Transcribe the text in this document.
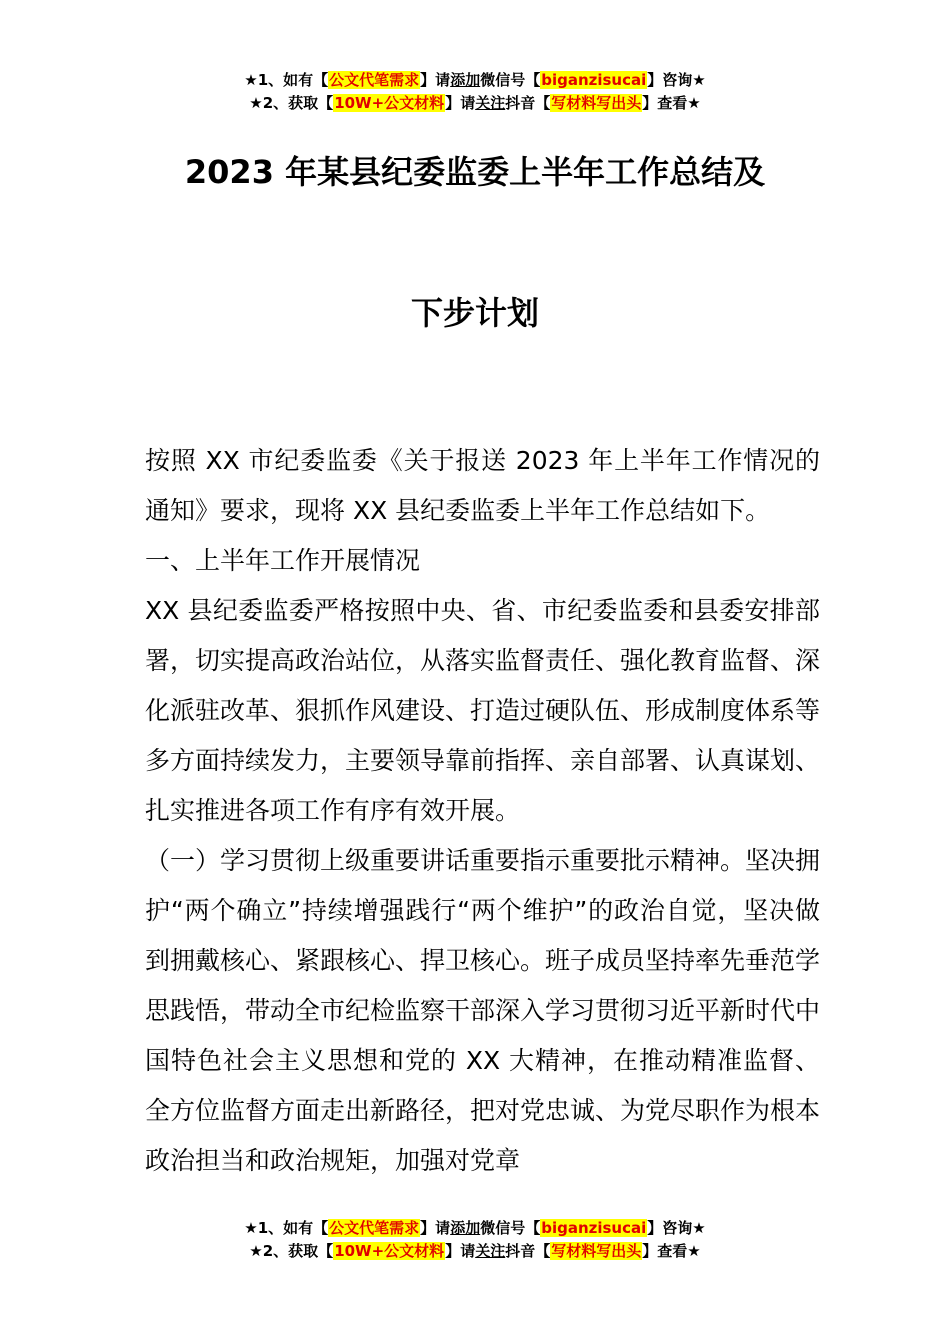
★1、如有【公文代笔需求】请添加微信号【biganzisucai】咨询★
★2、获取【10W+公文材料】请关注抖音【写材料写出头】查看★
2023 年某县纪委监委上半年工作总结及
下步计划

按照 XX 市纪委监委《关于报送 2023 年上半年工作情况的通知》要求，现将 XX 县纪委监委上半年工作总结如下。

一、上半年工作开展情况

XX 县纪委监委严格按照中央、省、市纪委监委和县委安排部署，切实提高政治站位，从落实监督责任、强化教育监督、深化派驻改革、狠抓作风建设、打造过硬队伍、形成制度体系等多方面持续发力，主要领导靠前指挥、亲自部署、认真谋划、扎实推进各项工作有序有效开展。

（一）学习贯彻上级重要讲话重要指示重要批示精神。坚决拥护“两个确立”持续增强践行“两个维护”的政治自觉，坚决做到拥戴核心、紧跟核心、捍卫核心。班子成员坚持率先垂范学思践悟，带动全市纪检监察干部深入学习贯彻习近平新时代中国特色社会主义思想和党的 XX 大精神，在推动精准监督、全方位监督方面走出新路径，把对党忠诚、为党尽职作为根本政治担当和政治规矩，加强对党章

★1、如有【公文代笔需求】请添加微信号【biganzisucai】咨询★
★2、获取【10W+公文材料】请关注抖音【写材料写出头】查看★
